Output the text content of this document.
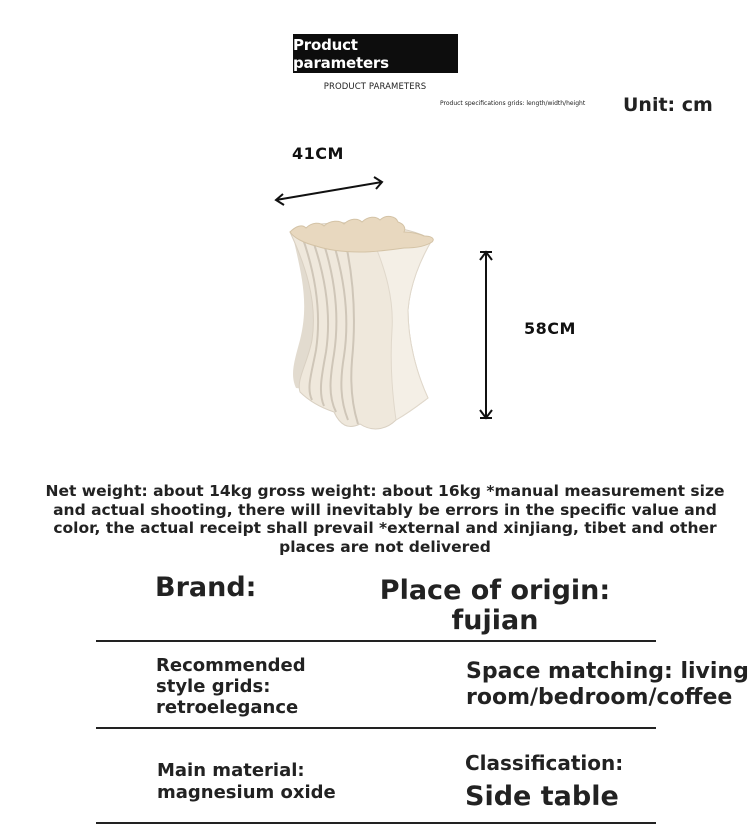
Product parameters
PRODUCT PARAMETERS
Product specifications grids: length/width/height Unit: cm
41CM
58CM
Net weight: about 14kg gross weight: about 16kg *manual measurement size and actual shooting, there will inevitably be errors in the specific value and color, the actual receipt shall prevail *external and xinjiang, tibet and other places are not delivered
Brand:	Place of origin: fujian
Recommended style grids: retroelegance
Space matching: living room/bedroom/coffee
Main material: magnesium oxide
Classification:
Side table
